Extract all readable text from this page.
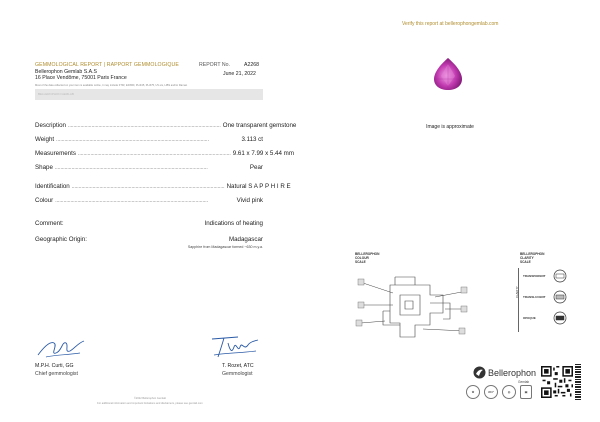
Verify this report at bellerophongemlab.com
GEMMOLOGICAL REPORT | RAPPORT GEMMOLOGIQUE
Bellerophon Gemlab S.A.S
16 Place Vendôme, 75001 Paris France
REPORT No.	A2268
June 21, 2022
Most of the data collected on your item is available online, it may include FTIR, EDXRF, PL/Z45, PL/Z75, UV-vis, LIBS and/or Raman
BELLEROPHON GEMLAB
Description .............................................................................................................. One transparent gemstone
Weight ..............................................................................................................	3.113 ct
Measurements .............................................................................................................. 9.61 x 7.99 x 5.44 mm
Shape ..............................................................................................................	Pear
Identification .............................................................................................................. Natural S A P P H I R E
Colour ..............................................................................................................	Vivid pink
Comment:	Indications of heating
Geographic Origin:	Madagascar
Sapphire from Madagascar formed ~630 m.y.a.
Image is approximate
BELLEROPHON
COLOUR
SCALE
BELLEROPHON
CLARITY
SCALE
CLARITY
TRANSPARENT
TRANSLUCENT
OPAQUE
M.P.H. Curti, GG
Chief gemmologist
T. Rozet, ATC
Gemmologist
©2022 Bellerophon Gemlab
For additional information and important limitations and disclaimers, please see gemlab.com
Bellerophon
Gemlab
✿	360°	◍	▣
